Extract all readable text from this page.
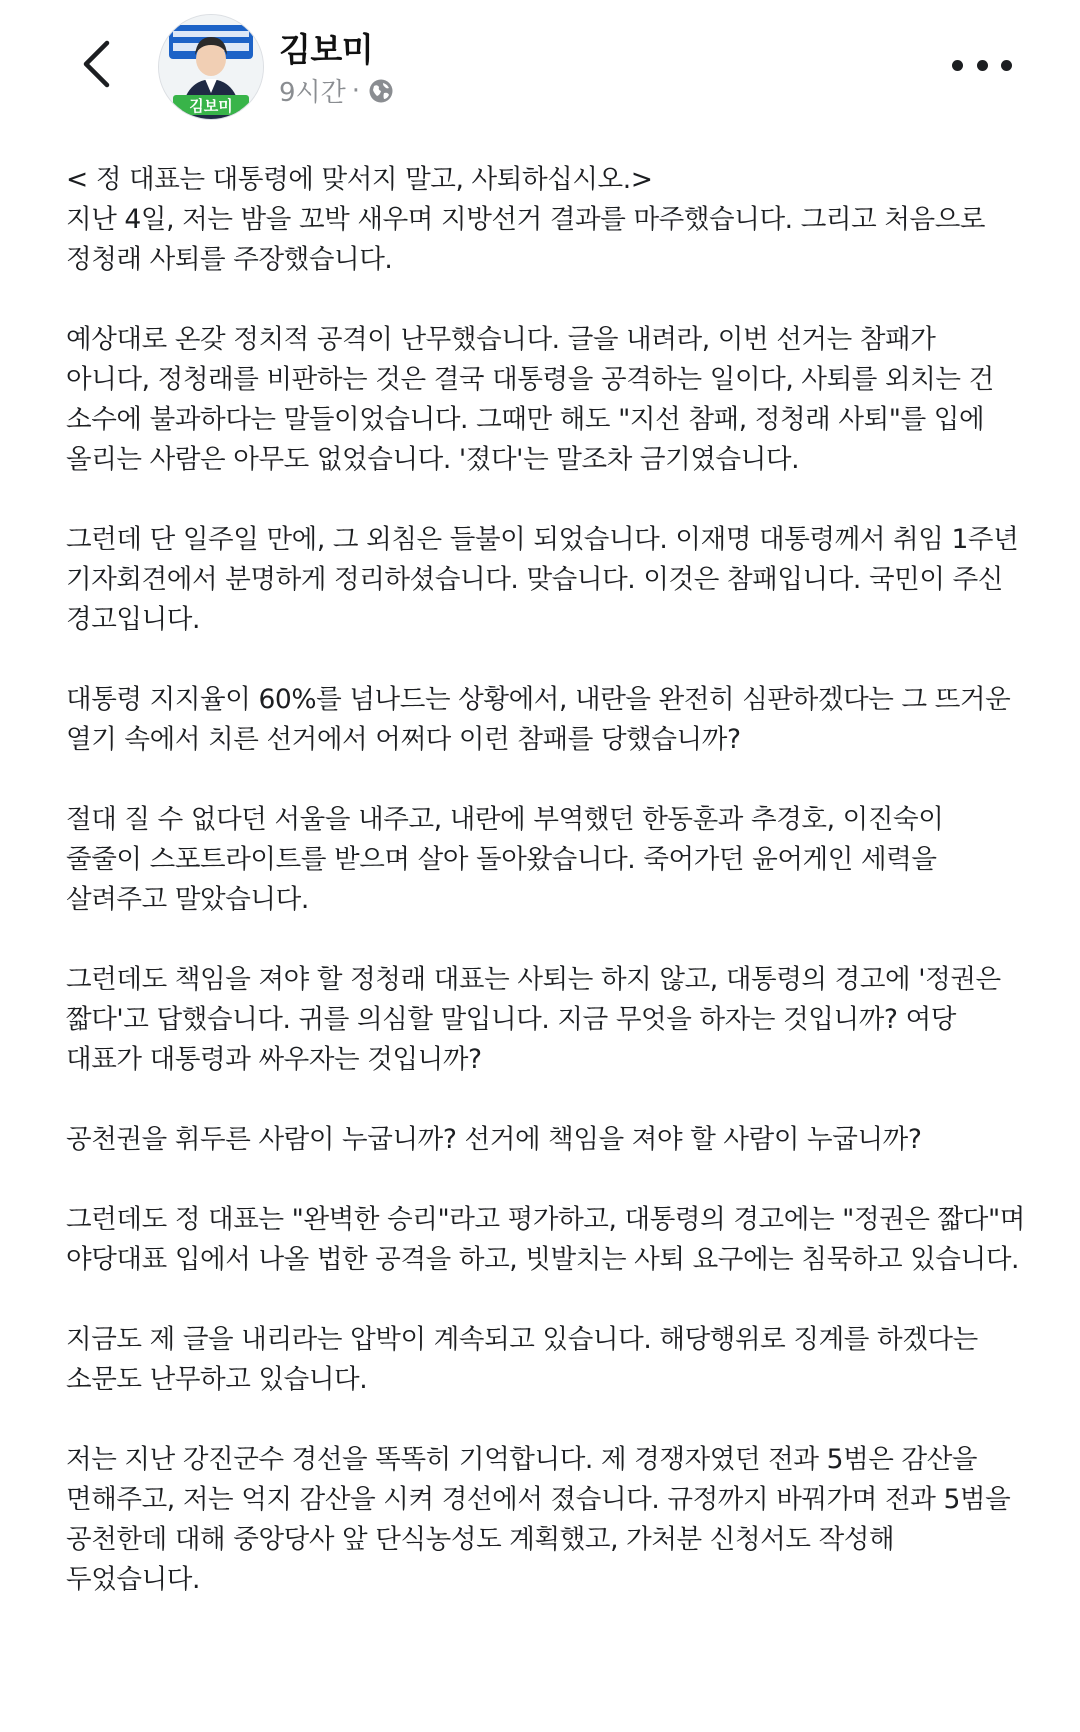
김보미
김보미
9시간 ·

< 정 대표는 대통령에 맞서지 말고, 사퇴하십시오.>

지난 4일, 저는 밤을 꼬박 새우며 지방선거 결과를 마주했습니다. 그리고 처음으로 정청래 사퇴를 주장했습니다.

예상대로 온갖 정치적 공격이 난무했습니다. 글을 내려라, 이번 선거는 참패가 아니다, 정청래를 비판하는 것은 결국 대통령을 공격하는 일이다, 사퇴를 외치는 건 소수에 불과하다는 말들이었습니다. 그때만 해도 "지선 참패, 정청래 사퇴"를 입에 올리는 사람은 아무도 없었습니다. '졌다'는 말조차 금기였습니다.

그런데 단 일주일 만에, 그 외침은 들불이 되었습니다. 이재명 대통령께서 취임 1주년 기자회견에서 분명하게 정리하셨습니다. 맞습니다. 이것은 참패입니다. 국민이 주신 경고입니다.

대통령 지지율이 60%를 넘나드는 상황에서, 내란을 완전히 심판하겠다는 그 뜨거운 열기 속에서 치른 선거에서 어쩌다 이런 참패를 당했습니까?

절대 질 수 없다던 서울을 내주고, 내란에 부역했던 한동훈과 추경호, 이진숙이 줄줄이 스포트라이트를 받으며 살아 돌아왔습니다. 죽어가던 윤어게인 세력을 살려주고 말았습니다.

그런데도 책임을 져야 할 정청래 대표는 사퇴는 하지 않고, 대통령의 경고에 '정권은 짧다'고 답했습니다. 귀를 의심할 말입니다. 지금 무엇을 하자는 것입니까? 여당 대표가 대통령과 싸우자는 것입니까?

공천권을 휘두른 사람이 누굽니까? 선거에 책임을 져야 할 사람이 누굽니까?

그런데도 정 대표는 "완벽한 승리"라고 평가하고, 대통령의 경고에는 "정권은 짧다"며 야당대표 입에서 나올 법한 공격을 하고, 빗발치는 사퇴 요구에는 침묵하고 있습니다.

지금도 제 글을 내리라는 압박이 계속되고 있습니다. 해당행위로 징계를 하겠다는 소문도 난무하고 있습니다.

저는 지난 강진군수 경선을 똑똑히 기억합니다. 제 경쟁자였던 전과 5범은 감산을 면해주고, 저는 억지 감산을 시켜 경선에서 졌습니다. 규정까지 바꿔가며 전과 5범을 공천한데 대해 중앙당사 앞 단식농성도 계획했고, 가처분 신청서도 작성해 두었습니다.
